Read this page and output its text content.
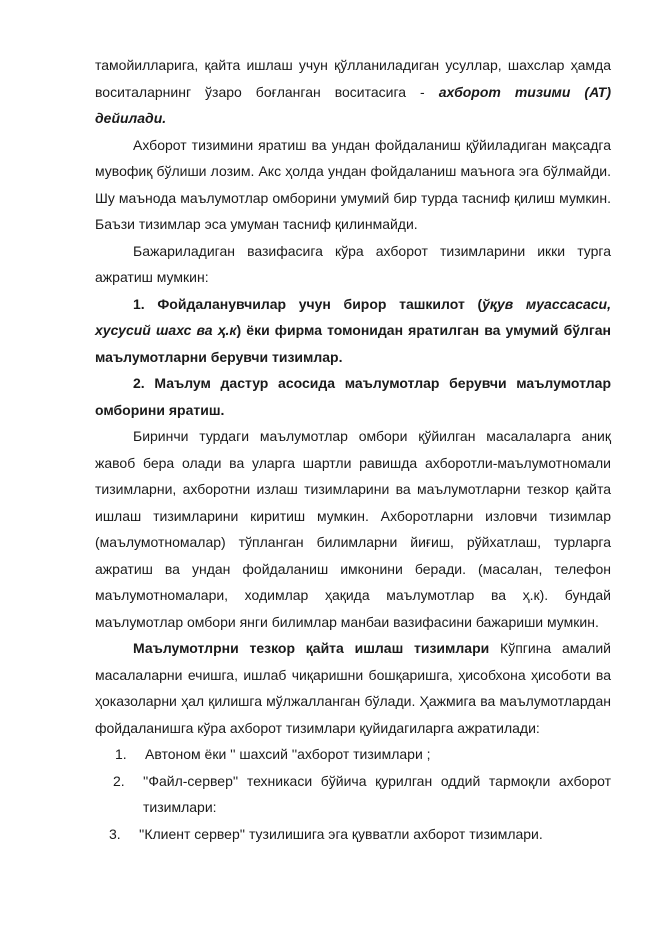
тамойилларига, қайта ишлаш учун қўлланиладиган усуллар, шахслар ҳамда воситаларнинг ўзаро боғланган воситасига - ахборот тизими (АТ) дейилади.

Ахборот тизимини яратиш ва ундан фойдаланиш қўйиладиган мақсадга мувофиқ бўлиши лозим. Акс ҳолда ундан фойдаланиш маънога эга бўлмайди. Шу маънода маълумотлар омборини умумий бир турда тасниф қилиш мумкин. Баъзи тизимлар эса умуман тасниф қилинмайди.

Бажариладиган вазифасига кўра ахборот тизимларини икки турга ажратиш мумкин:

1. Фойдаланувчилар учун бирор ташкилот (ўқув муассасаси, хусусий шахс ва ҳ.к) ёки фирма томонидан яратилган ва умумий бўлган маълумотларни берувчи тизимлар.

2. Маълум дастур асосида маълумотлар берувчи маълумотлар омборини яратиш.

Биринчи турдаги маълумотлар омбори қўйилган масалаларга аниқ жавоб бера олади ва уларга шартли равишда ахборотли-маълумотномали тизимларни, ахборотни излаш тизимларини ва маълумотларни тезкор қайта ишлаш тизимларини киритиш мумкин. Ахборотларни изловчи тизимлар (маълумотномалар) тўпланган билимларни йиғиш, рўйхатлаш, турларга ажратиш ва ундан фойдаланиш имконини беради. (масалан, телефон маълумотномалари, ходимлар ҳақида маълумотлар ва ҳ.к). бундай маълумотлар омбори янги билимлар манбаи вазифасини бажариши мумкин.

Маълумотлрни тезкор қайта ишлаш тизимлари Кўпгина амалий масалаларни ечишга, ишлаб чиқаришни бошқаришга, ҳисобхона ҳисоботи ва ҳоказоларни ҳал қилишга мўлжалланган бўлади. Ҳажмига ва маълумотлардан фойдаланишга кўра ахборот тизимлари қуйидагиларга ажратилади:

1. Автоном ёки '' шахсий ''ахборот тизимлари ;
2. ''Файл-сервер'' техникаси бўйича қурилган оддий тармоқли ахборот тизимлари:
3. ''Клиент сервер'' тузилишига эга қувватли ахборот тизимлари.
